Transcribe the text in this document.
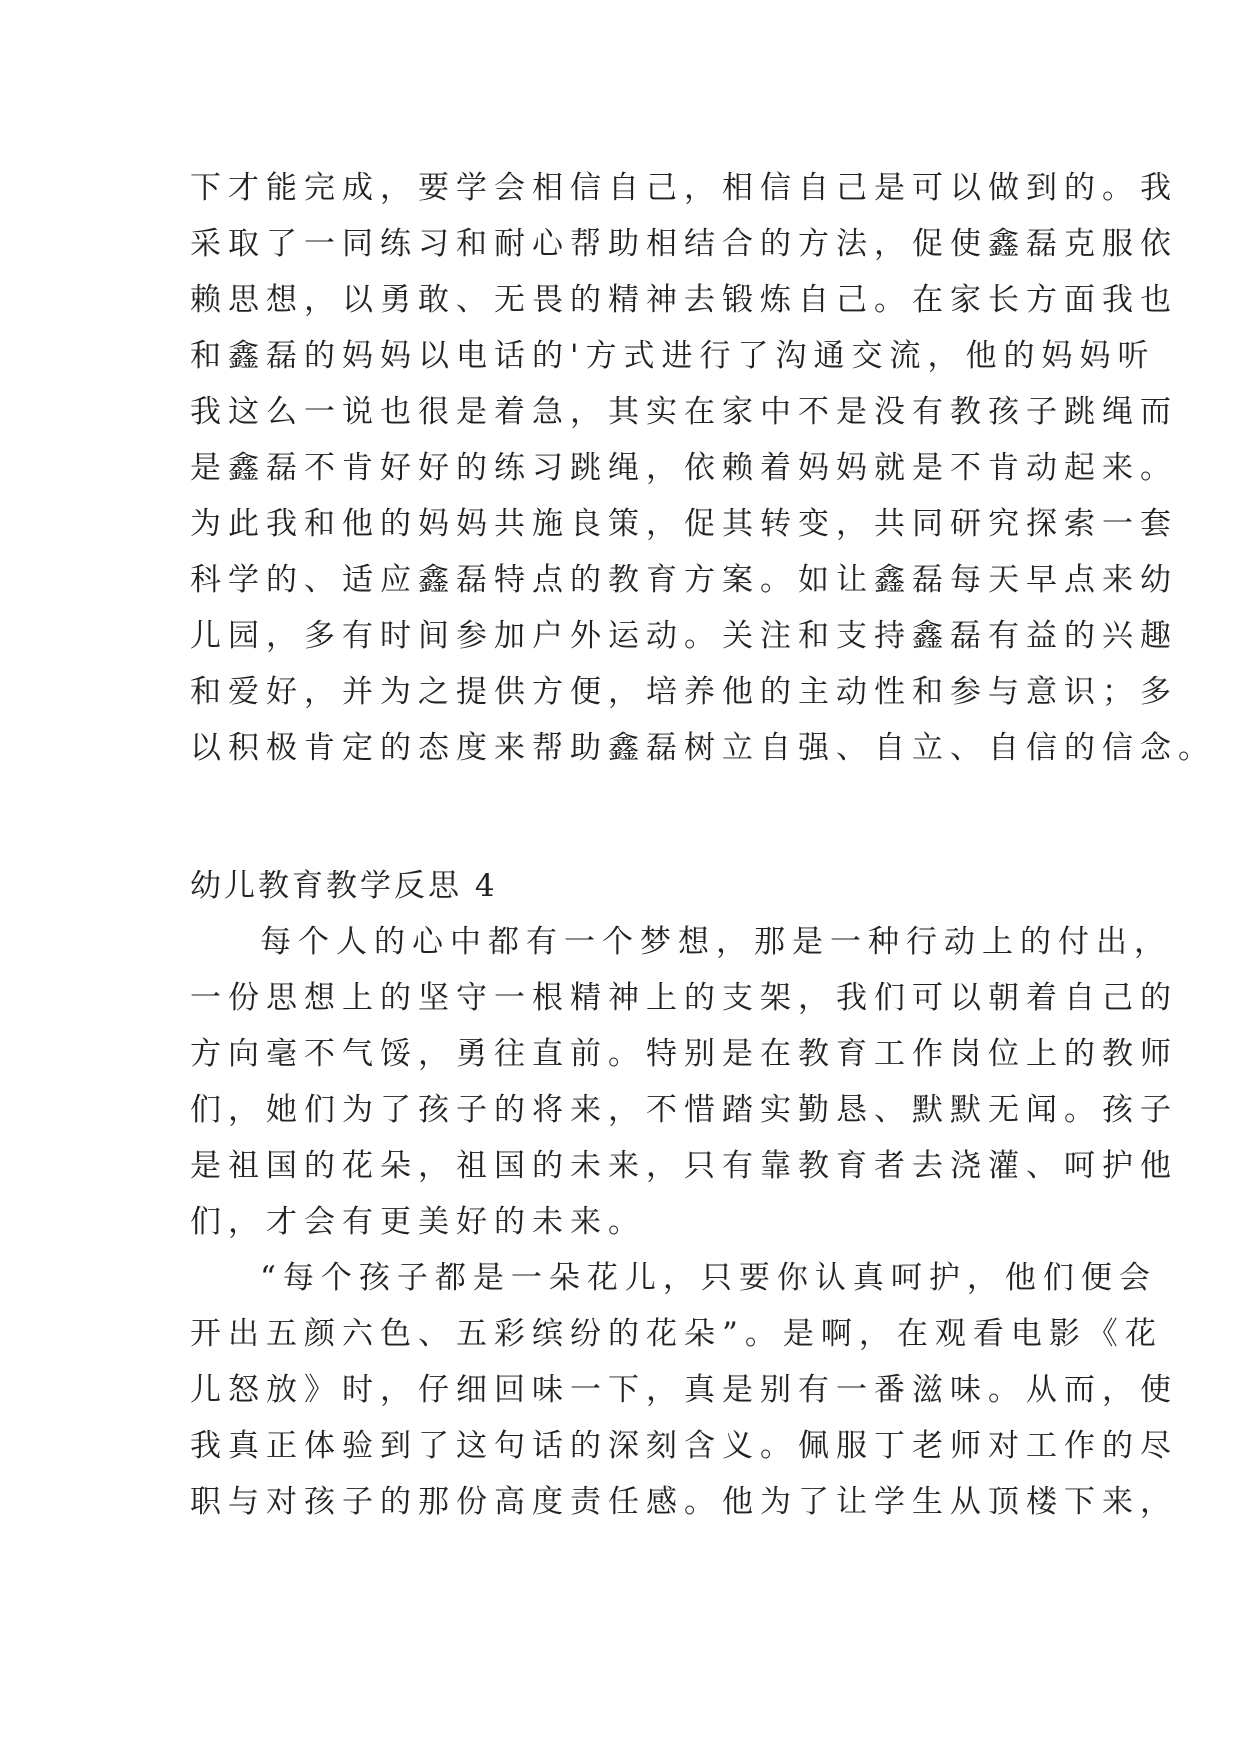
下才能完成，要学会相信自己，相信自己是可以做到的。我
采取了一同练习和耐心帮助相结合的方法，促使鑫磊克服依
赖思想，以勇敢、无畏的精神去锻炼自己。在家长方面我也
和鑫磊的妈妈以电话的'方式进行了沟通交流，他的妈妈听
我这么一说也很是着急，其实在家中不是没有教孩子跳绳而
是鑫磊不肯好好的练习跳绳，依赖着妈妈就是不肯动起来。
为此我和他的妈妈共施良策，促其转变，共同研究探索一套
科学的、适应鑫磊特点的教育方案。如让鑫磊每天早点来幼
儿园，多有时间参加户外运动。关注和支持鑫磊有益的兴趣
和爱好，并为之提供方便，培养他的主动性和参与意识；多
以积极肯定的态度来帮助鑫磊树立自强、自立、自信的信念。
幼儿教育教学反思 4
每个人的心中都有一个梦想，那是一种行动上的付出，
一份思想上的坚守一根精神上的支架，我们可以朝着自己的
方向毫不气馁，勇往直前。特别是在教育工作岗位上的教师
们，她们为了孩子的将来，不惜踏实勤恳、默默无闻。孩子
是祖国的花朵，祖国的未来，只有靠教育者去浇灌、呵护他
们，才会有更美好的未来。
“每个孩子都是一朵花儿，只要你认真呵护，他们便会
开出五颜六色、五彩缤纷的花朵”。是啊，在观看电影《花
儿怒放》时，仔细回味一下，真是别有一番滋味。从而，使
我真正体验到了这句话的深刻含义。佩服丁老师对工作的尽
职与对孩子的那份高度责任感。他为了让学生从顶楼下来，
